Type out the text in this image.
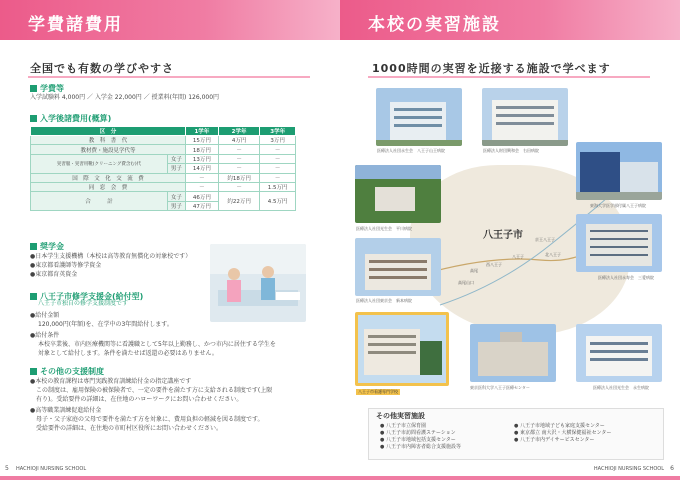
学費諸費用
全国でも有数の学びやすさ
学費等
入学試験料 4,000円 ／ 入学金 22,000円 ／ 授業料(年間) 126,000円
入学後諸費用(概算)
区　分		1学年	2学年	3学年
教　科　書　代		15万円	4万円	3万円
教材費・施設見学代等		18万円	－	－
実習服・実習用靴(クリーニング費含む)代	女子	13万円	－	－
	男子	14万円	－	－
国　際　文　化　交　流　費		－	約18万円	－
同　窓　会　費		－	－	1.5万円
合　　　計	女子	46万円	約22万円	4.5万円
	男子	47万円		
奨学金
●日本学生支援機構（本校は高等教育無償化の対象校です）
●東京都看護師等修学資金
●東京都育英資金
八王子市修学支援金(給付型)
八王子市独自の修学支援制度です
●給付金額
120,000円(年額)を、在学中の3年間給付します。
●給付条件
本校卒業後、市内医療機関等に看護職として5年以上勤務し、かつ市内に居住する学生を
対象として給付します。条件を満たせば返還の必要はありません。
その他の支援制度
●本校の教育課程は専門実践教育訓練給付金の指定講座です
　この制度は、雇用保険の被保険者で、一定の要件を満たす方に支給される制度です(上限
　有り)。受給要件の詳細は、在住地のハローワークにお問い合わせください。
●高等職業訓練促進給付金
　母子・父子家庭の父母で要件を満たす方を対象に、費用負担の軽減を図る制度です。
　受給要件の詳細は、在住地の市町村区役所にお問い合わせください。
5 HACHIOJI NURSING SCHOOL
本校の実習施設
1000時間の実習を近接する施設で学べます
6
HACHIOJI NURSING SCHOOL
八王子市	京王八王子
八王子
高尾
北八王子
西八王子
高尾山口
医療法人社団永生会　八王子山王病院	医療法人財団興和会　右田病院
東海大学医学部付属八王子病院
医療法人社団光生会　平川病院
医療法人社団永寿会　三愛病院
医療法人社団東京会　新本病院
医療法人社団光生会　永生病院
八王子市看護専門学校
東京医科大学八王子医療センター
その他実習施設
● 八王子市立保育園
● 八王子市訪問看護ステーション
● 八王子市地域包括支援センター
● 八王子市内障害者総合支援施設等
● 八王子市地域子ども家庭支援センター
● 東京都立 南大沢・大横保健福祉センター
● 八王子市内デイサービスセンター
